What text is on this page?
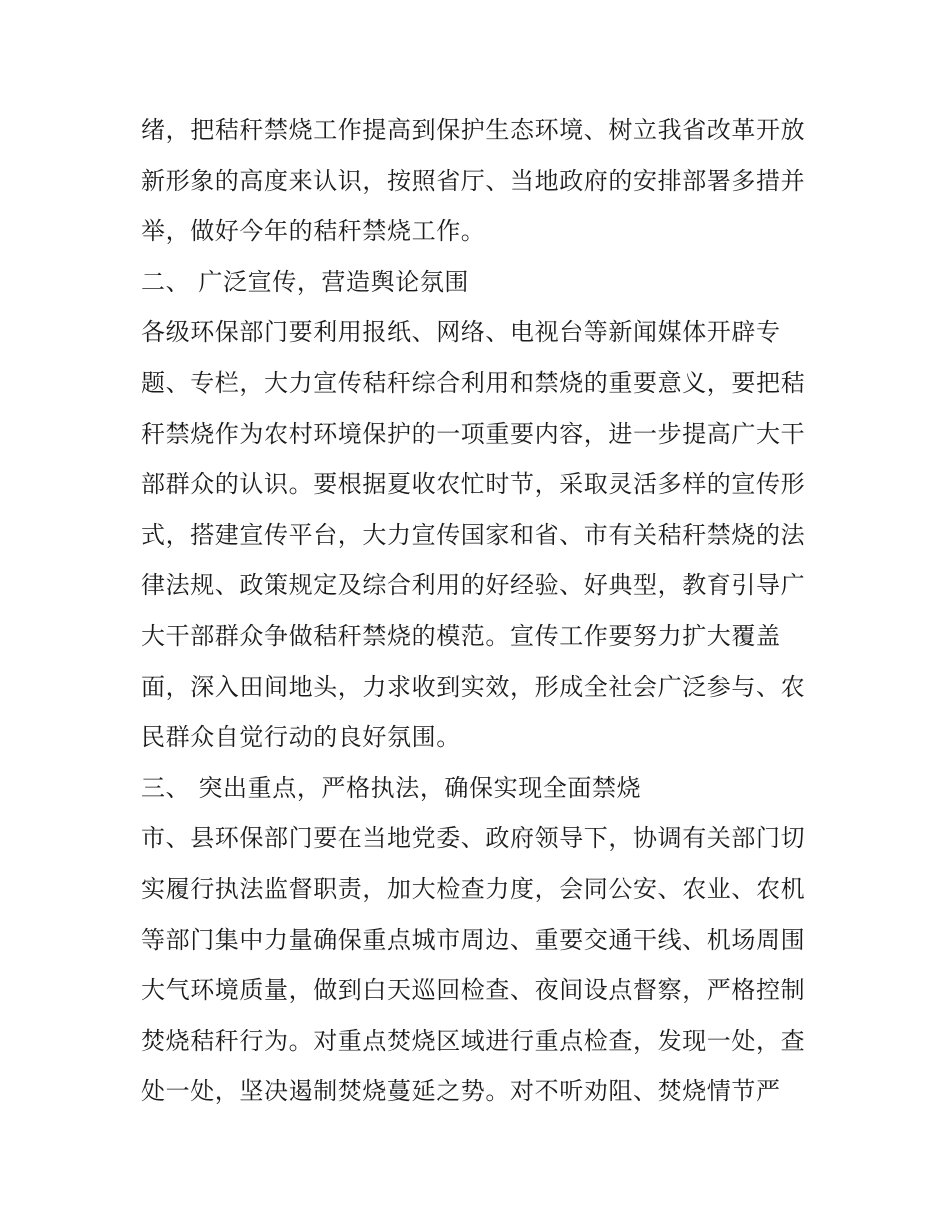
绪，把秸秆禁烧工作提高到保护生态环境、树立我省改革开放

新形象的高度来认识，按照省厅、当地政府的安排部署多措并

举，做好今年的秸秆禁烧工作。

二、 广泛宣传，营造舆论氛围

各级环保部门要利用报纸、网络、电视台等新闻媒体开辟专

题、专栏，大力宣传秸秆综合利用和禁烧的重要意义，要把秸

秆禁烧作为农村环境保护的一项重要内容，进一步提高广大干

部群众的认识。要根据夏收农忙时节，采取灵活多样的宣传形

式，搭建宣传平台，大力宣传国家和省、市有关秸秆禁烧的法

律法规、政策规定及综合利用的好经验、好典型，教育引导广

大干部群众争做秸秆禁烧的模范。宣传工作要努力扩大覆盖

面，深入田间地头，力求收到实效，形成全社会广泛参与、农

民群众自觉行动的良好氛围。

三、 突出重点，严格执法，确保实现全面禁烧

市、县环保部门要在当地党委、政府领导下，协调有关部门切

实履行执法监督职责，加大检查力度，会同公安、农业、农机

等部门集中力量确保重点城市周边、重要交通干线、机场周围

大气环境质量，做到白天巡回检查、夜间设点督察，严格控制

焚烧秸秆行为。对重点焚烧区域进行重点检查，发现一处，查

处一处，坚决遏制焚烧蔓延之势。对不听劝阻、焚烧情节严
